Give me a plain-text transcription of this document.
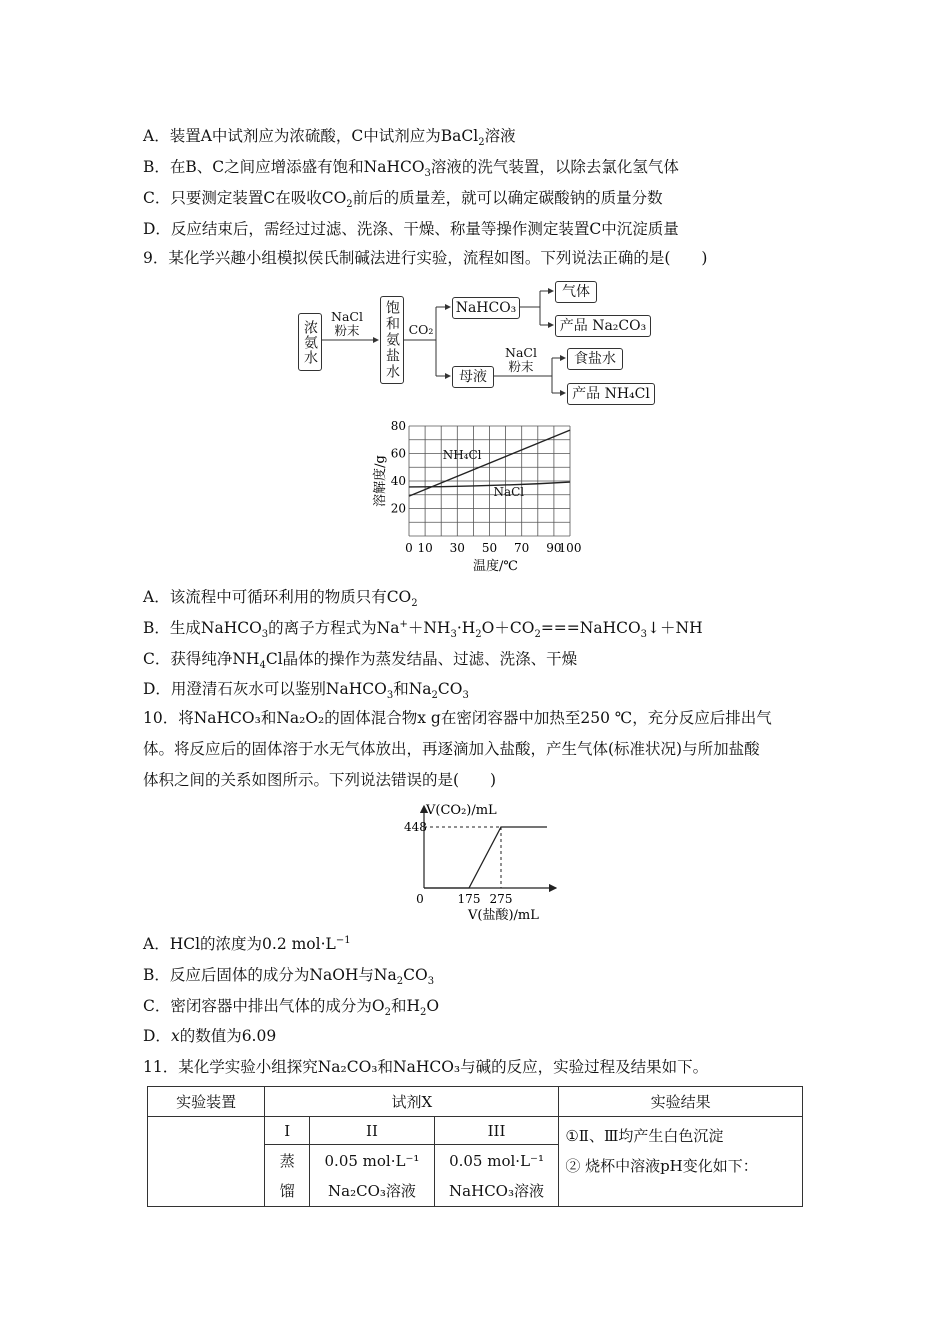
A．装置A中试剂应为浓硫酸，C中试剂应为BaCl$_2$溶液
B．在B、C之间应增添盛有饱和NaHCO$_3$溶液的洗气装置，以除去氯化氢气体
C．只要测定装置C在吸收$CO_2$前后的质量差，就可以确定碳酸钠的质量分数
D．反应结束后，需经过过滤、洗涤、干燥、称量等操作测定装置C中沉淀质量
9．某化学兴趣小组模拟侯氏制碱法进行实验，流程如图。下列说法正确的是(　　)
浓氨水
NaCl
粉末	饱和氨盐水 CO₂
NaHCO₃
气体
产品 Na₂CO₃
母液
NaCl
粉末	食盐水
产品 NH₄Cl
20
40
60
80
0 10 30 50 70 90
100
温度/℃
溶解度/g
NH₄Cl
NaCl
A．该流程中可循环利用的物质只有$CO_2$
B．生成NaHCO$_3$的离子方程式为$Na^++NH_3\cdot H_2O+CO_2===NaHCO_3↓+NH$
C．获得纯净$NH_4Cl$晶体的操作为蒸发结晶、过滤、洗涤、干燥
D．用澄清石灰水可以鉴别NaHCO$_3$和$Na_2CO_3$
10．将NaHCO₃和Na₂O₂的固体混合物x g在密闭容器中加热至250 ℃，充分反应后排出气
体。将反应后的固体溶于水无气体放出，再逐滴加入盐酸，产生气体(标准状况)与所加盐酸
体积之间的关系如图所示。下列说法错误的是(　　)
V(CO₂)/mL
448
0	175 275
V(盐酸)/mL
A．HCl的浓度为0.2 $mol\cdot L^{-1}$
B．反应后固体的成分为NaOH与$Na_2CO_3$
C．密闭容器中排出气体的成分为$O_2$和$H_2O$
D．x的数值为6.09
11．某化学实验小组探究Na₂CO₃和NaHCO₃与碱的反应，实验过程及结果如下。
实验装置	试剂X			实验结果
	I	II	III	①Ⅱ、Ⅲ均产生白色沉淀
② 烧杯中溶液pH变化如下：

	蒸馏	0.05 mol·L⁻¹ Na₂CO₃溶液	0.05 mol·L⁻¹ NaHCO₃溶液	
